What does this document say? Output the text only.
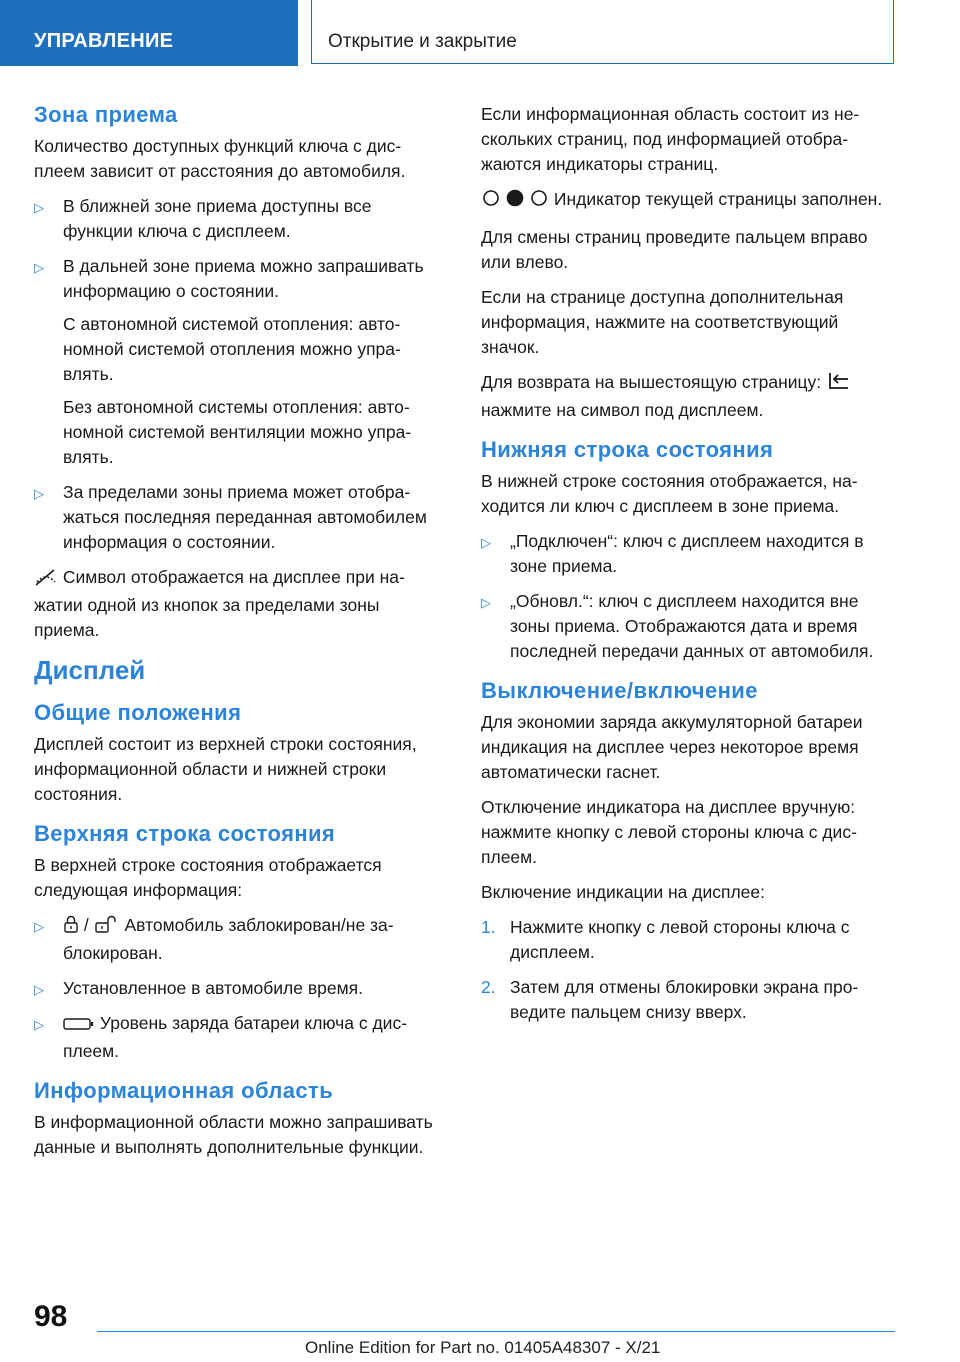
УПРАВЛЕНИЕ	Открытие и закрытие
Зона приема

Количество доступных функций ключа с дисплеем зависит от расстояния до автомобиля.

▷ В ближней зоне приема доступны все функции ключа с дисплеем.

▷ В дальней зоне приема можно запрашивать информацию о состоянии.

С автономной системой отопления: автономной системой отопления можно управлять.

Без автономной системы отопления: автономной системой вентиляции можно управлять.

▷ За пределами зоны приема может отображаться последняя переданная автомобилем информация о состоянии.

Символ отображается на дисплее при нажатии одной из кнопок за пределами зоны приема.

Дисплей
Общие положения

Дисплей состоит из верхней строки состояния, информационной области и нижней строки состояния.

Верхняя строка состояния

В верхней строке состояния отображается следующая информация:

▷	/ Автомобиль заблокирован/не заблокирован.

▷ Установленное в автомобиле время.

▷	Уровень заряда батареи ключа с дисплеем.

Информационная область

В информационной области можно запрашивать данные и выполнять дополнительные функции.

Если информационная область состоит из нескольких страниц, под информацией отображаются индикаторы страниц.

Индикатор текущей страницы заполнен.

Для смены страниц проведите пальцем вправо или влево.

Если на странице доступна дополнительная информация, нажмите на соответствующий значок.

Для возврата на вышестоящую страницу:
нажмите на символ под дисплеем.

Нижняя строка состояния

В нижней строке состояния отображается, находится ли ключ с дисплеем в зоне приема.

▷ „Подключен“: ключ с дисплеем находится в зоне приема.

▷ „Обновл.“: ключ с дисплеем находится вне зоны приема. Отображаются дата и время последней передачи данных от автомобиля.

Выключение/включение

Для экономии заряда аккумуляторной батареи индикация на дисплее через некоторое время автоматически гаснет.

Отключение индикатора на дисплее вручную: нажмите кнопку с левой стороны ключа с дисплеем.

Включение индикации на дисплее:

1. Нажмите кнопку с левой стороны ключа с дисплеем.
2. Затем для отмены блокировки экрана проведите пальцем снизу вверх.
98
Online Edition for Part no. 01405A48307 - X/21
